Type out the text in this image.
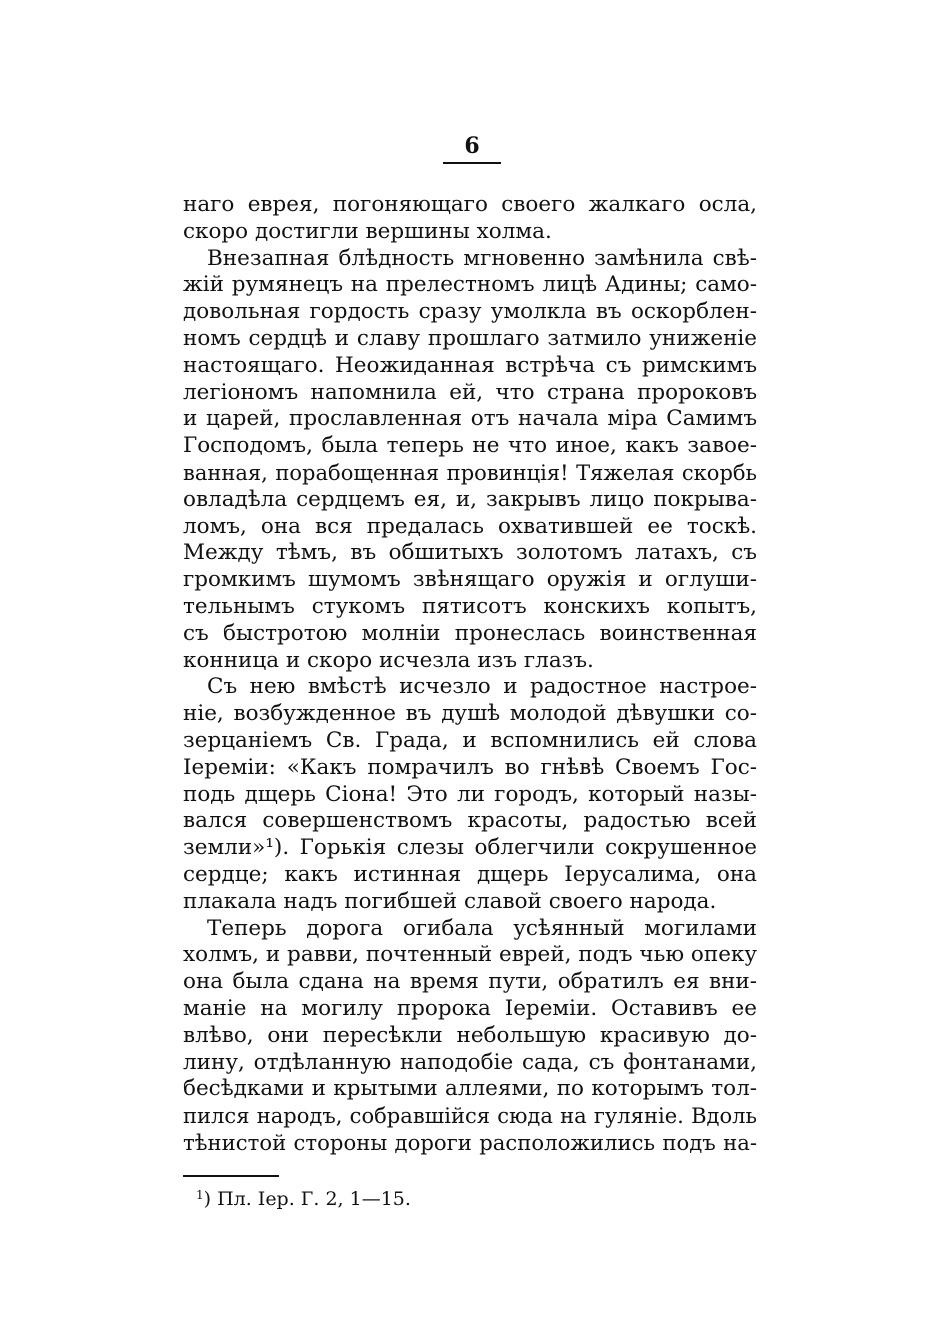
6
наго еврея, погоняющаго своего жалкаго осла,
скоро достигли вершины холма.
Внезапная блѣдность мгновенно замѣнила свѣ-
жій румянецъ на прелестномъ лицѣ Адины; само-
довольная гордость сразу умолкла въ оскорблен-
номъ сердцѣ и славу прошлаго затмило униженіе
настоящаго. Неожиданная встрѣча съ римскимъ
легіономъ напомнила ей, что страна пророковъ
и царей, прославленная отъ начала міра Самимъ
Господомъ, была теперь не что иное, какъ завое-
ванная, порабощенная провинція! Тяжелая скорбь
овладѣла сердцемъ ея, и, закрывъ лицо покрыва-
ломъ, она вся предалась охватившей ее тоскѣ.
Между тѣмъ, въ обшитыхъ золотомъ латахъ, съ
громкимъ шумомъ звѣнящаго оружія и оглуши-
тельнымъ стукомъ пятисотъ конскихъ копытъ,
съ быстротою молніи пронеслась воинственная
конница и скоро исчезла изъ глазъ.
Съ нею вмѣстѣ исчезло и радостное настрое-
ніе, возбужденное въ душѣ молодой дѣвушки со-
зерцаніемъ Св. Града, и вспомнились ей слова
Іереміи: «Какъ помрачилъ во гнѣвѣ Своемъ Гос-
подь дщерь Сіона! Это ли городъ, который назы-
вался совершенствомъ красоты, радостью всей
земли»¹). Горькія слезы облегчили сокрушенное
сердце; какъ истинная дщерь Іерусалима, она
плакала надъ погибшей славой своего народа.
Теперь дорога огибала усѣянный могилами
холмъ, и равви, почтенный еврей, подъ чью опеку
она была сдана на время пути, обратилъ ея вни-
маніе на могилу пророка Іереміи. Оставивъ ее
влѣво, они пересѣкли небольшую красивую до-
лину, отдѣланную наподобіе сада, съ фонтанами,
бесѣдками и крытыми аллеями, по которымъ тол-
пился народъ, собравшійся сюда на гуляніе. Вдоль
тѣнистой стороны дороги расположились подъ на-
$^1$) Пл. Іер. Г. 2, 1—15.
